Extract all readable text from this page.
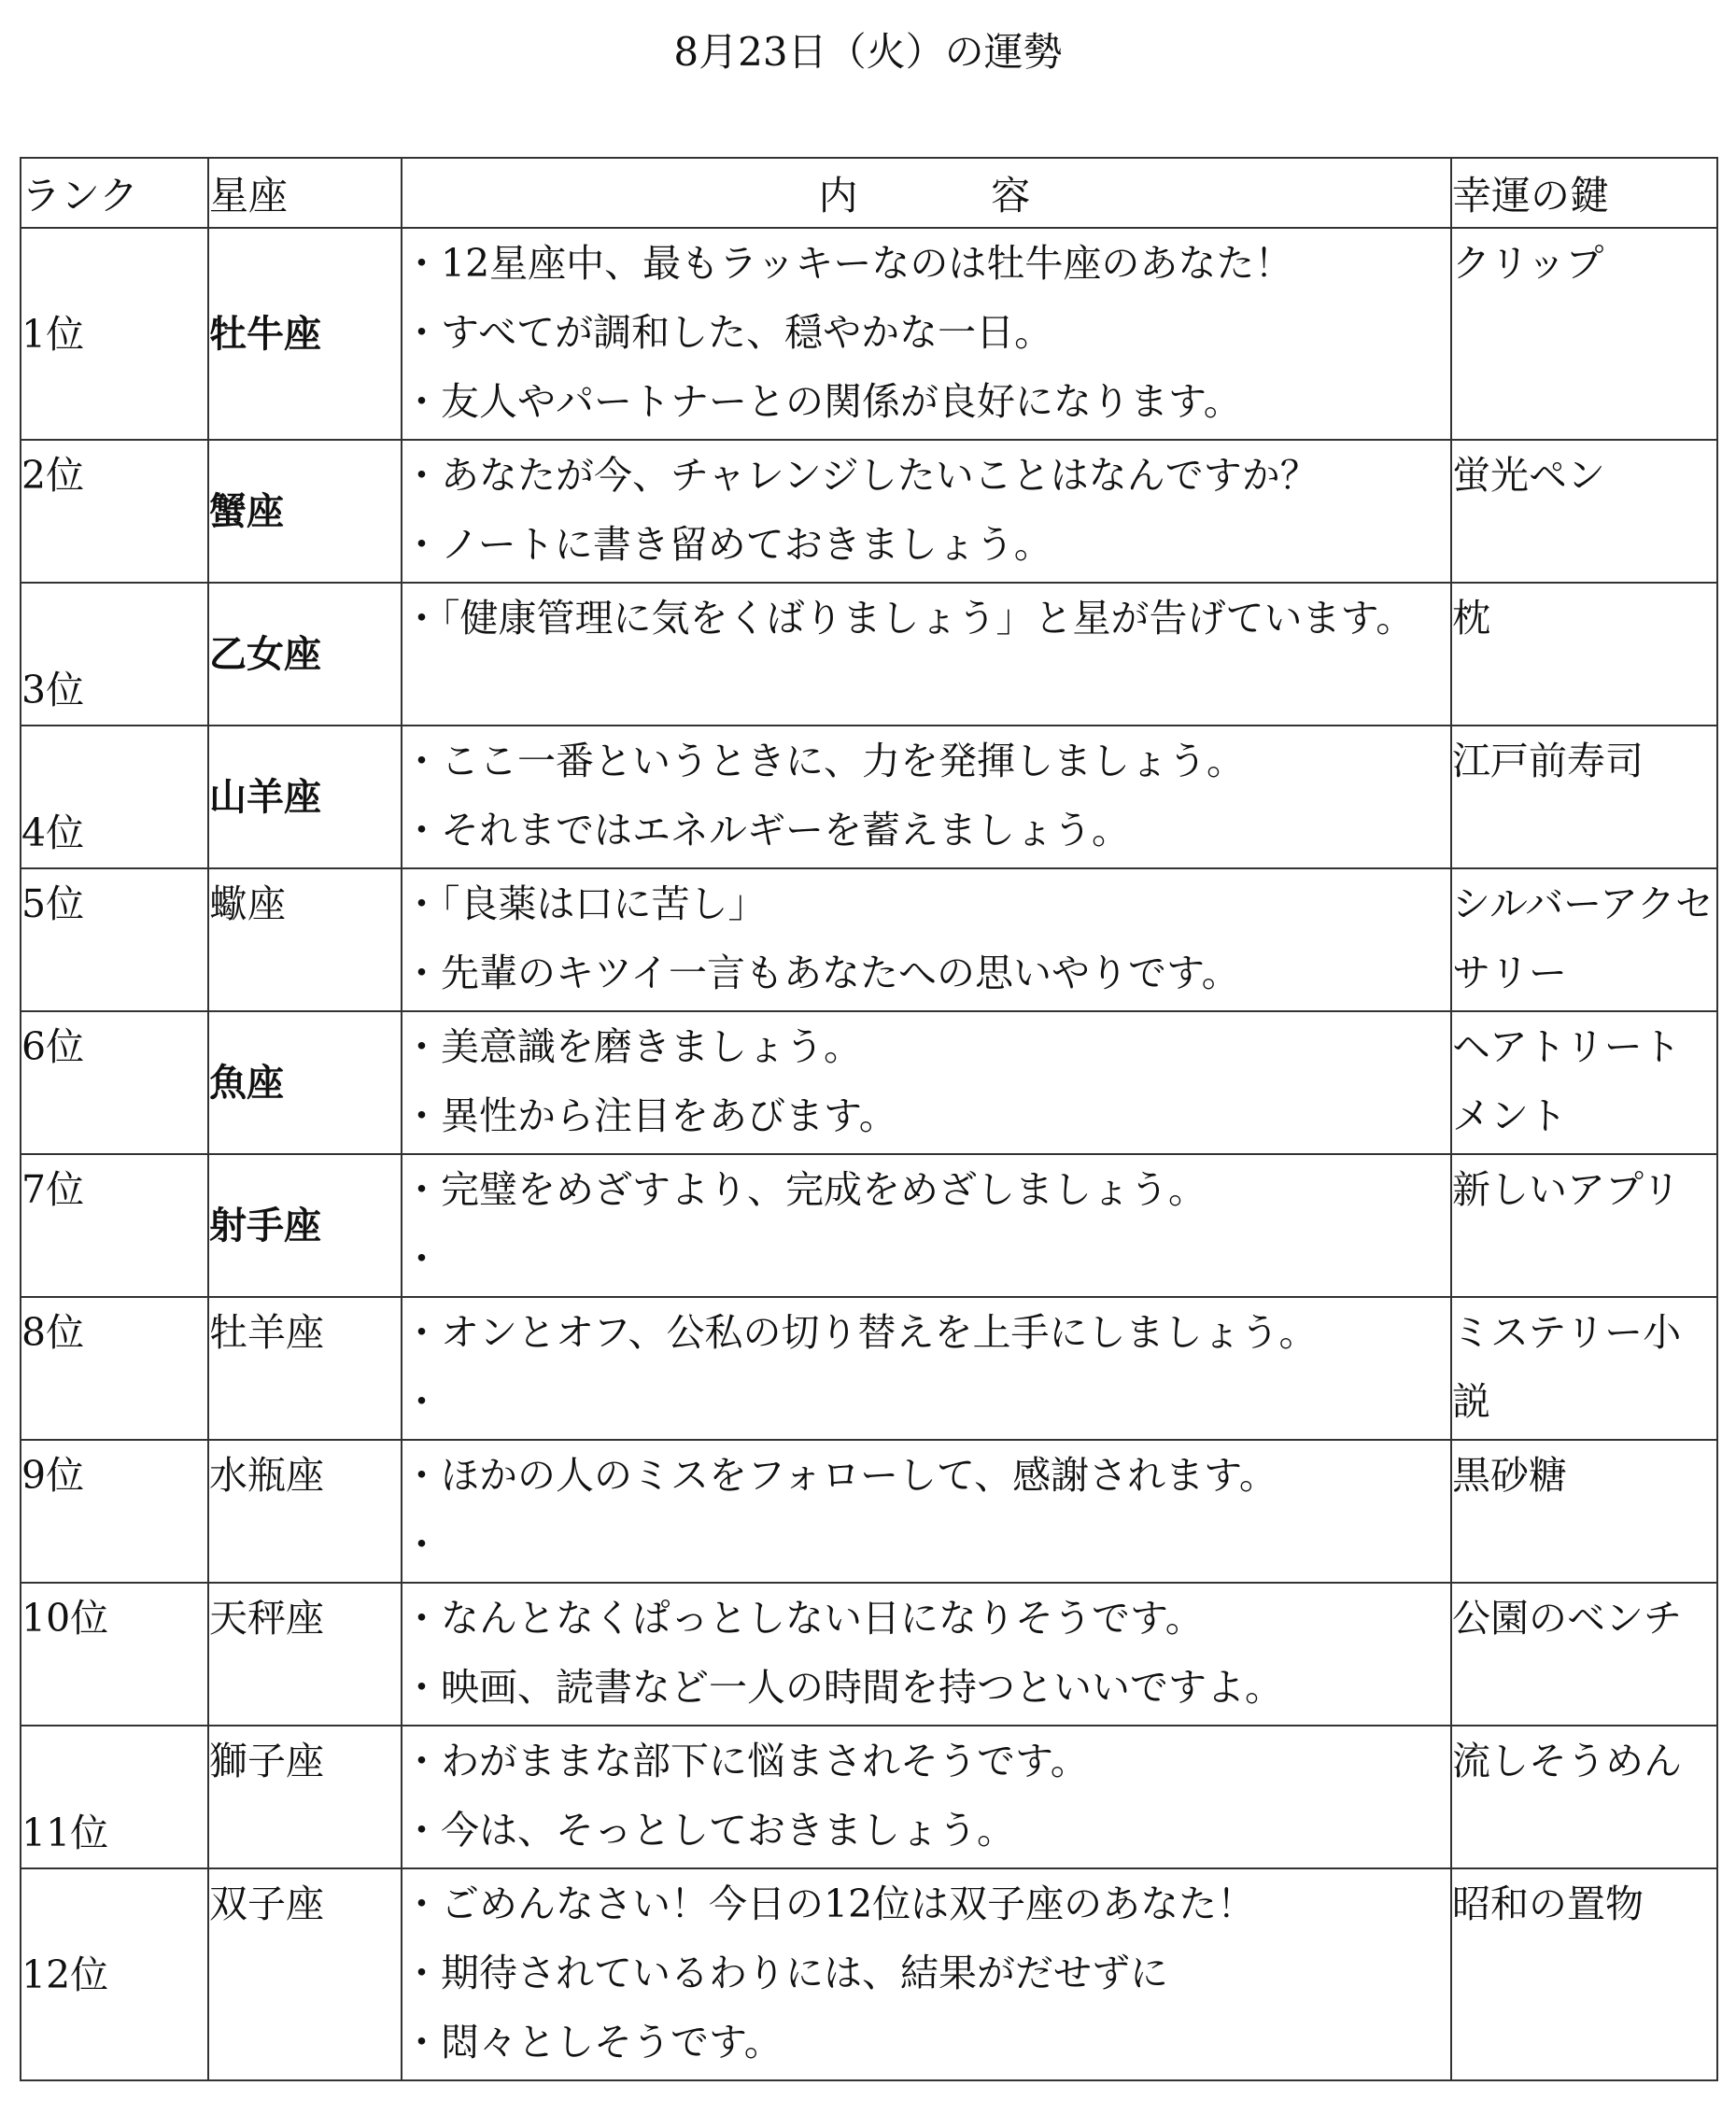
8月23日（火）の運勢
ランク	星座	内　　　容	幸運の鍵
1位	牡牛座	・12星座中、最もラッキーなのは牡牛座のあなた！
・すべてが調和した、穏やかな一日。
・友人やパートナーとの関係が良好になります。	クリップ
2位	蟹座	・あなたが今、チャレンジしたいことはなんですか？
・ノートに書き留めておきましょう。	蛍光ペン
3位	乙女座	・「健康管理に気をくばりましょう」と星が告げています。	枕
4位	山羊座	・ここ一番というときに、力を発揮しましょう。
・それまではエネルギーを蓄えましょう。	江戸前寿司
5位	蠍座	・「良薬は口に苦し」
・先輩のキツイ一言もあなたへの思いやりです。	シルバーアクセサリー
6位	魚座	・美意識を磨きましょう。
・異性から注目をあびます。	ヘアトリートメント
7位	射手座	・完璧をめざすより、完成をめざしましょう。
・	新しいアプリ
8位	牡羊座	・オンとオフ、公私の切り替えを上手にしましょう。
・	ミステリー小説
9位	水瓶座	・ほかの人のミスをフォローして、感謝されます。
・	黒砂糖
10位	天秤座	・なんとなくぱっとしない日になりそうです。
・映画、読書など一人の時間を持つといいですよ。	公園のベンチ
11位	獅子座	・わがままな部下に悩まされそうです。
・今は、そっとしておきましょう。	流しそうめん
12位	双子座	・ごめんなさい！今日の12位は双子座のあなた！
・期待されているわりには、結果がだせずに
・悶々としそうです。	昭和の置物
